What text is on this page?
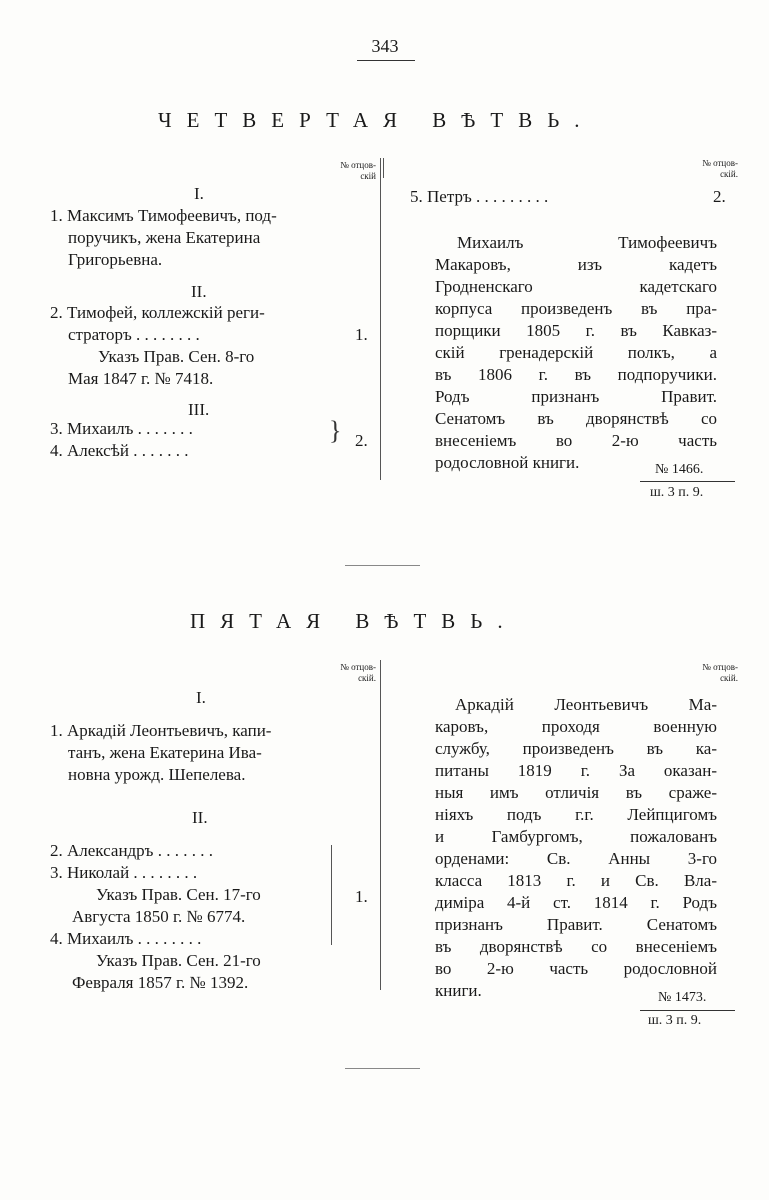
343
ЧЕТВЕРТАЯ ВѢТВЬ.
№ отцов-
скій
№ отцов-
скій.
I.
1. Максимъ Тимофеевичъ, под-
поручикъ, жена Екатерина
Григорьевна.
II.
2. Тимофей, коллежскій реги-
страторъ . . . . . . . .	1.
Указъ Прав. Сен. 8-го
Мая 1847 г. № 7418.
III.
3. Михаилъ . . . . . . .
4. Алексѣй . . . . . . .
} 2.
5. Петръ . . . . . . . . .	2.
Михаилъ Тимофеевичъ
Макаровъ, изъ кадетъ
Гродненскаго кадетскаго
корпуса произведенъ въ пра-
порщики 1805 г. въ Кавказ-
скій гренадерскій полкъ, а
въ 1806 г. въ подпоручики.
Родъ признанъ Правит.
Сенатомъ въ дворянствѣ со
внесеніемъ во 2-ю часть
родословной книги.	№ 1466.
ш. 3 п. 9.
ПЯТАЯ ВѢТВЬ.
№ отцов-
скій.
№ отцов-
скій.
I.
1. Аркадій Леонтьевичъ, капи-
танъ, жена Екатерина Ива-
новна урожд. Шепелева.
II.
2. Александръ . . . . . . .
3. Николай . . . . . . . .
Указъ Прав. Сен. 17-го
Августа 1850 г. № 6774.
4. Михаилъ . . . . . . . .
Указъ Прав. Сен. 21-го
Февраля 1857 г. № 1392.
1.
Аркадій Леонтьевичъ Ма-
каровъ, проходя военную
службу, произведенъ въ ка-
питаны 1819 г. За оказан-
ныя имъ отличія въ сраже-
ніяхъ подъ г.г. Лейпцигомъ
и Гамбургомъ, пожалованъ
орденами: Св. Анны 3-го
класса 1813 г. и Св. Вла-
диміра 4-й ст. 1814 г. Родъ
признанъ Правит. Сенатомъ
въ дворянствѣ со внесеніемъ
во 2-ю часть родословной
книги.	№ 1473.
ш. 3 п. 9.
